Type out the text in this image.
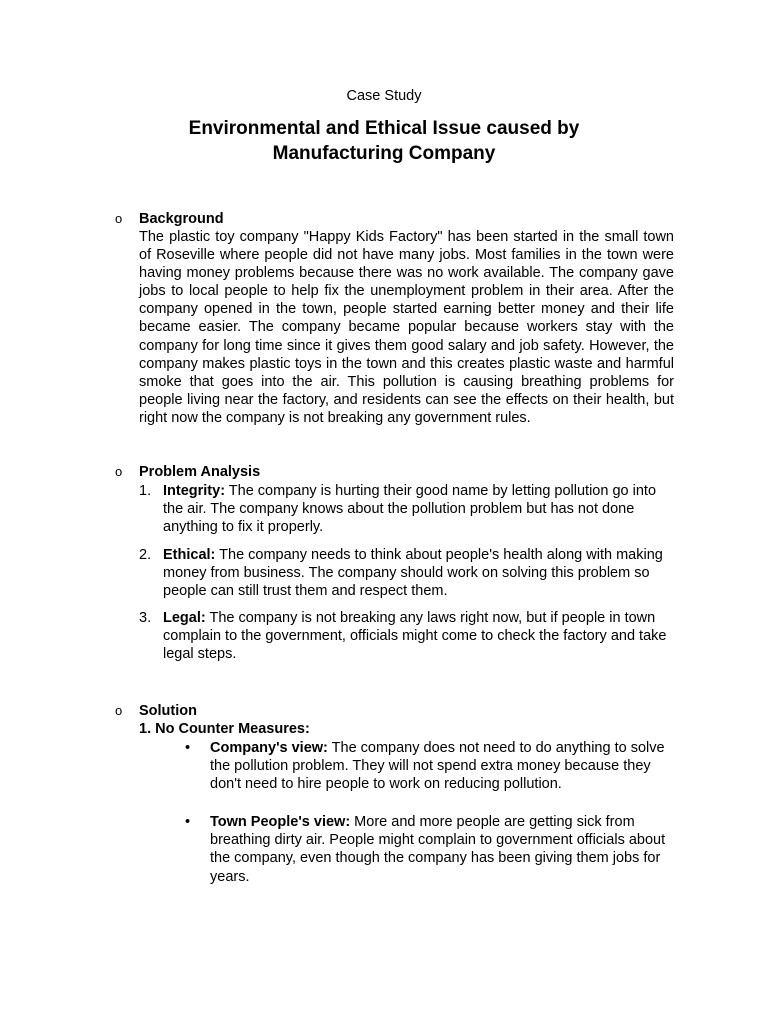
Case Study
Environmental and Ethical Issue caused by
Manufacturing Company
o Background

The plastic toy company "Happy Kids Factory" has been started in the small town of Roseville where people did not have many jobs. Most families in the town were having money problems because there was no work available. The company gave jobs to local people to help fix the unemployment problem in their area. After the company opened in the town, people started earning better money and their life became easier. The company became popular because workers stay with the company for long time since it gives them good salary and job safety. However, the company makes plastic toys in the town and this creates plastic waste and harmful smoke that goes into the air. This pollution is causing breathing problems for people living near the factory, and residents can see the effects on their health, but right now the company is not breaking any government rules.

o Problem Analysis
1. Integrity: The company is hurting their good name by letting pollution go into the air. The company knows about the pollution problem but has not done anything to fix it properly.

2. Ethical: The company needs to think about people's health along with making money from business. The company should work on solving this problem so people can still trust them and respect them.

3. Legal: The company is not breaking any laws right now, but if people in town complain to the government, officials might come to check the factory and take legal steps.

o Solution
1. No Counter Measures:
• Company's view: The company does not need to do anything to solve the pollution problem. They will not spend extra money because they don't need to hire people to work on reducing pollution.

• Town People's view: More and more people are getting sick from breathing dirty air. People might complain to government officials about the company, even though the company has been giving them jobs for years.
